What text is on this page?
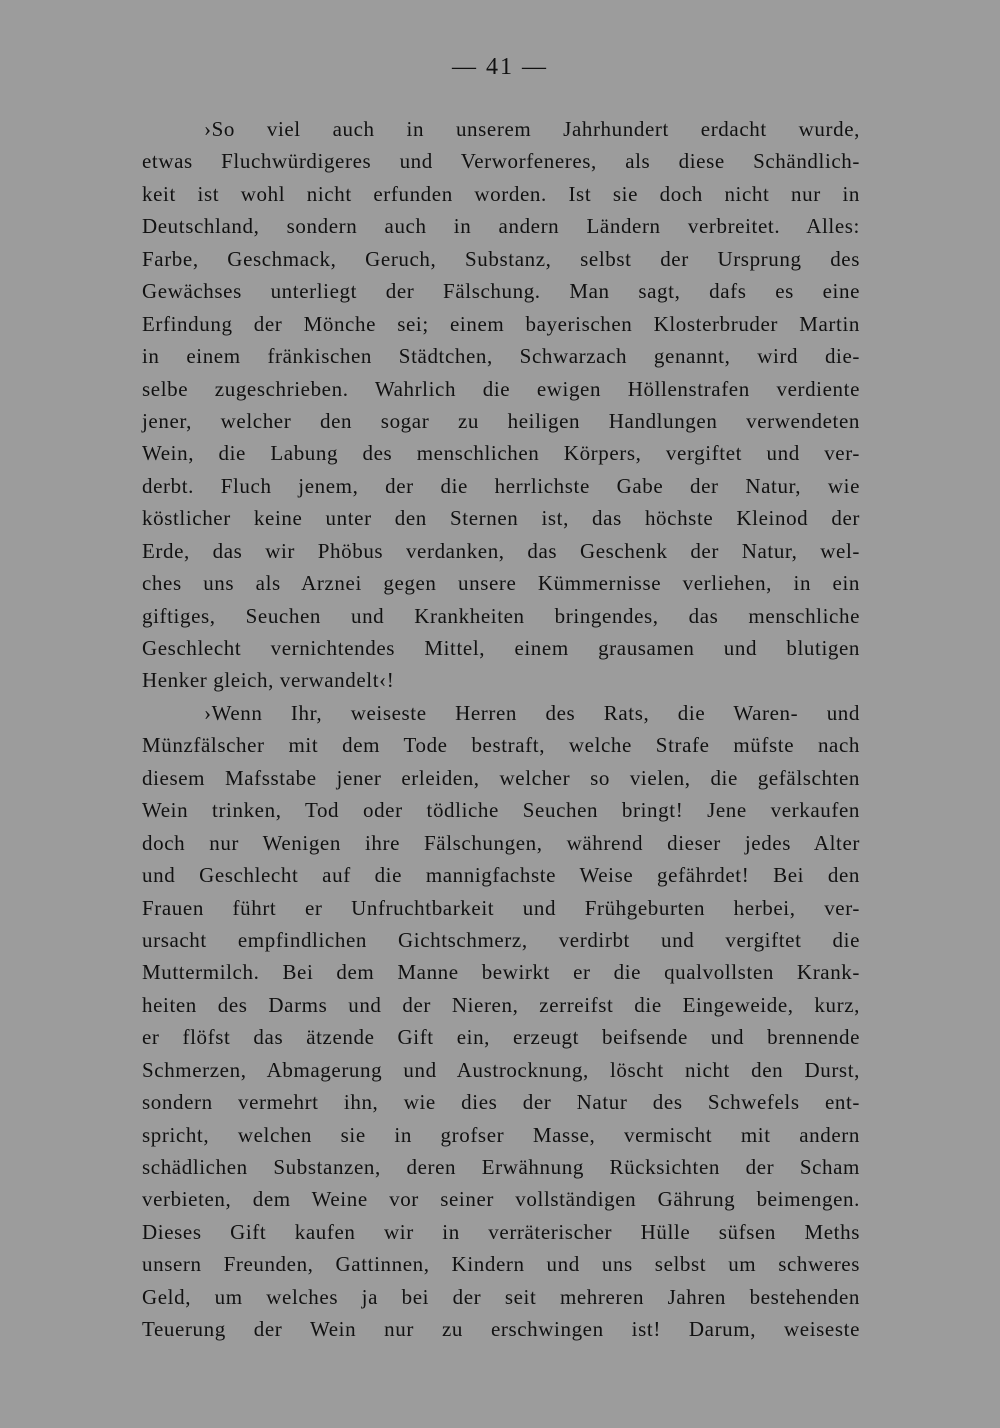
— 41 —
›So viel auch in unserem Jahrhundert erdacht wurde,
etwas Fluchwürdigeres und Verworfeneres, als diese Schändlich-
keit ist wohl nicht erfunden worden. Ist sie doch nicht nur in
Deutschland, sondern auch in andern Ländern verbreitet. Alles:
Farbe, Geschmack, Geruch, Substanz, selbst der Ursprung des
Gewächses unterliegt der Fälschung. Man sagt, dafs es eine
Erfindung der Mönche sei; einem bayerischen Klosterbruder Martin
in einem fränkischen Städtchen, Schwarzach genannt, wird die-
selbe zugeschrieben. Wahrlich die ewigen Höllenstrafen verdiente
jener, welcher den sogar zu heiligen Handlungen verwendeten
Wein, die Labung des menschlichen Körpers, vergiftet und ver-
derbt. Fluch jenem, der die herrlichste Gabe der Natur, wie
köstlicher keine unter den Sternen ist, das höchste Kleinod der
Erde, das wir Phöbus verdanken, das Geschenk der Natur, wel-
ches uns als Arznei gegen unsere Kümmernisse verliehen, in ein
giftiges, Seuchen und Krankheiten bringendes, das menschliche
Geschlecht vernichtendes Mittel, einem grausamen und blutigen
Henker gleich, verwandelt‹!
›Wenn Ihr, weiseste Herren des Rats, die Waren- und
Münzfälscher mit dem Tode bestraft, welche Strafe müfste nach
diesem Mafsstabe jener erleiden, welcher so vielen, die gefälschten
Wein trinken, Tod oder tödliche Seuchen bringt! Jene verkaufen
doch nur Wenigen ihre Fälschungen, während dieser jedes Alter
und Geschlecht auf die mannigfachste Weise gefährdet! Bei den
Frauen führt er Unfruchtbarkeit und Frühgeburten herbei, ver-
ursacht empfindlichen Gichtschmerz, verdirbt und vergiftet die
Muttermilch. Bei dem Manne bewirkt er die qualvollsten Krank-
heiten des Darms und der Nieren, zerreifst die Eingeweide, kurz,
er flöfst das ätzende Gift ein, erzeugt beifsende und brennende
Schmerzen, Abmagerung und Austrocknung, löscht nicht den Durst,
sondern vermehrt ihn, wie dies der Natur des Schwefels ent-
spricht, welchen sie in grofser Masse, vermischt mit andern
schädlichen Substanzen, deren Erwähnung Rücksichten der Scham
verbieten, dem Weine vor seiner vollständigen Gährung beimengen.
Dieses Gift kaufen wir in verräterischer Hülle süfsen Meths
unsern Freunden, Gattinnen, Kindern und uns selbst um schweres
Geld, um welches ja bei der seit mehreren Jahren bestehenden
Teuerung der Wein nur zu erschwingen ist! Darum, weiseste
